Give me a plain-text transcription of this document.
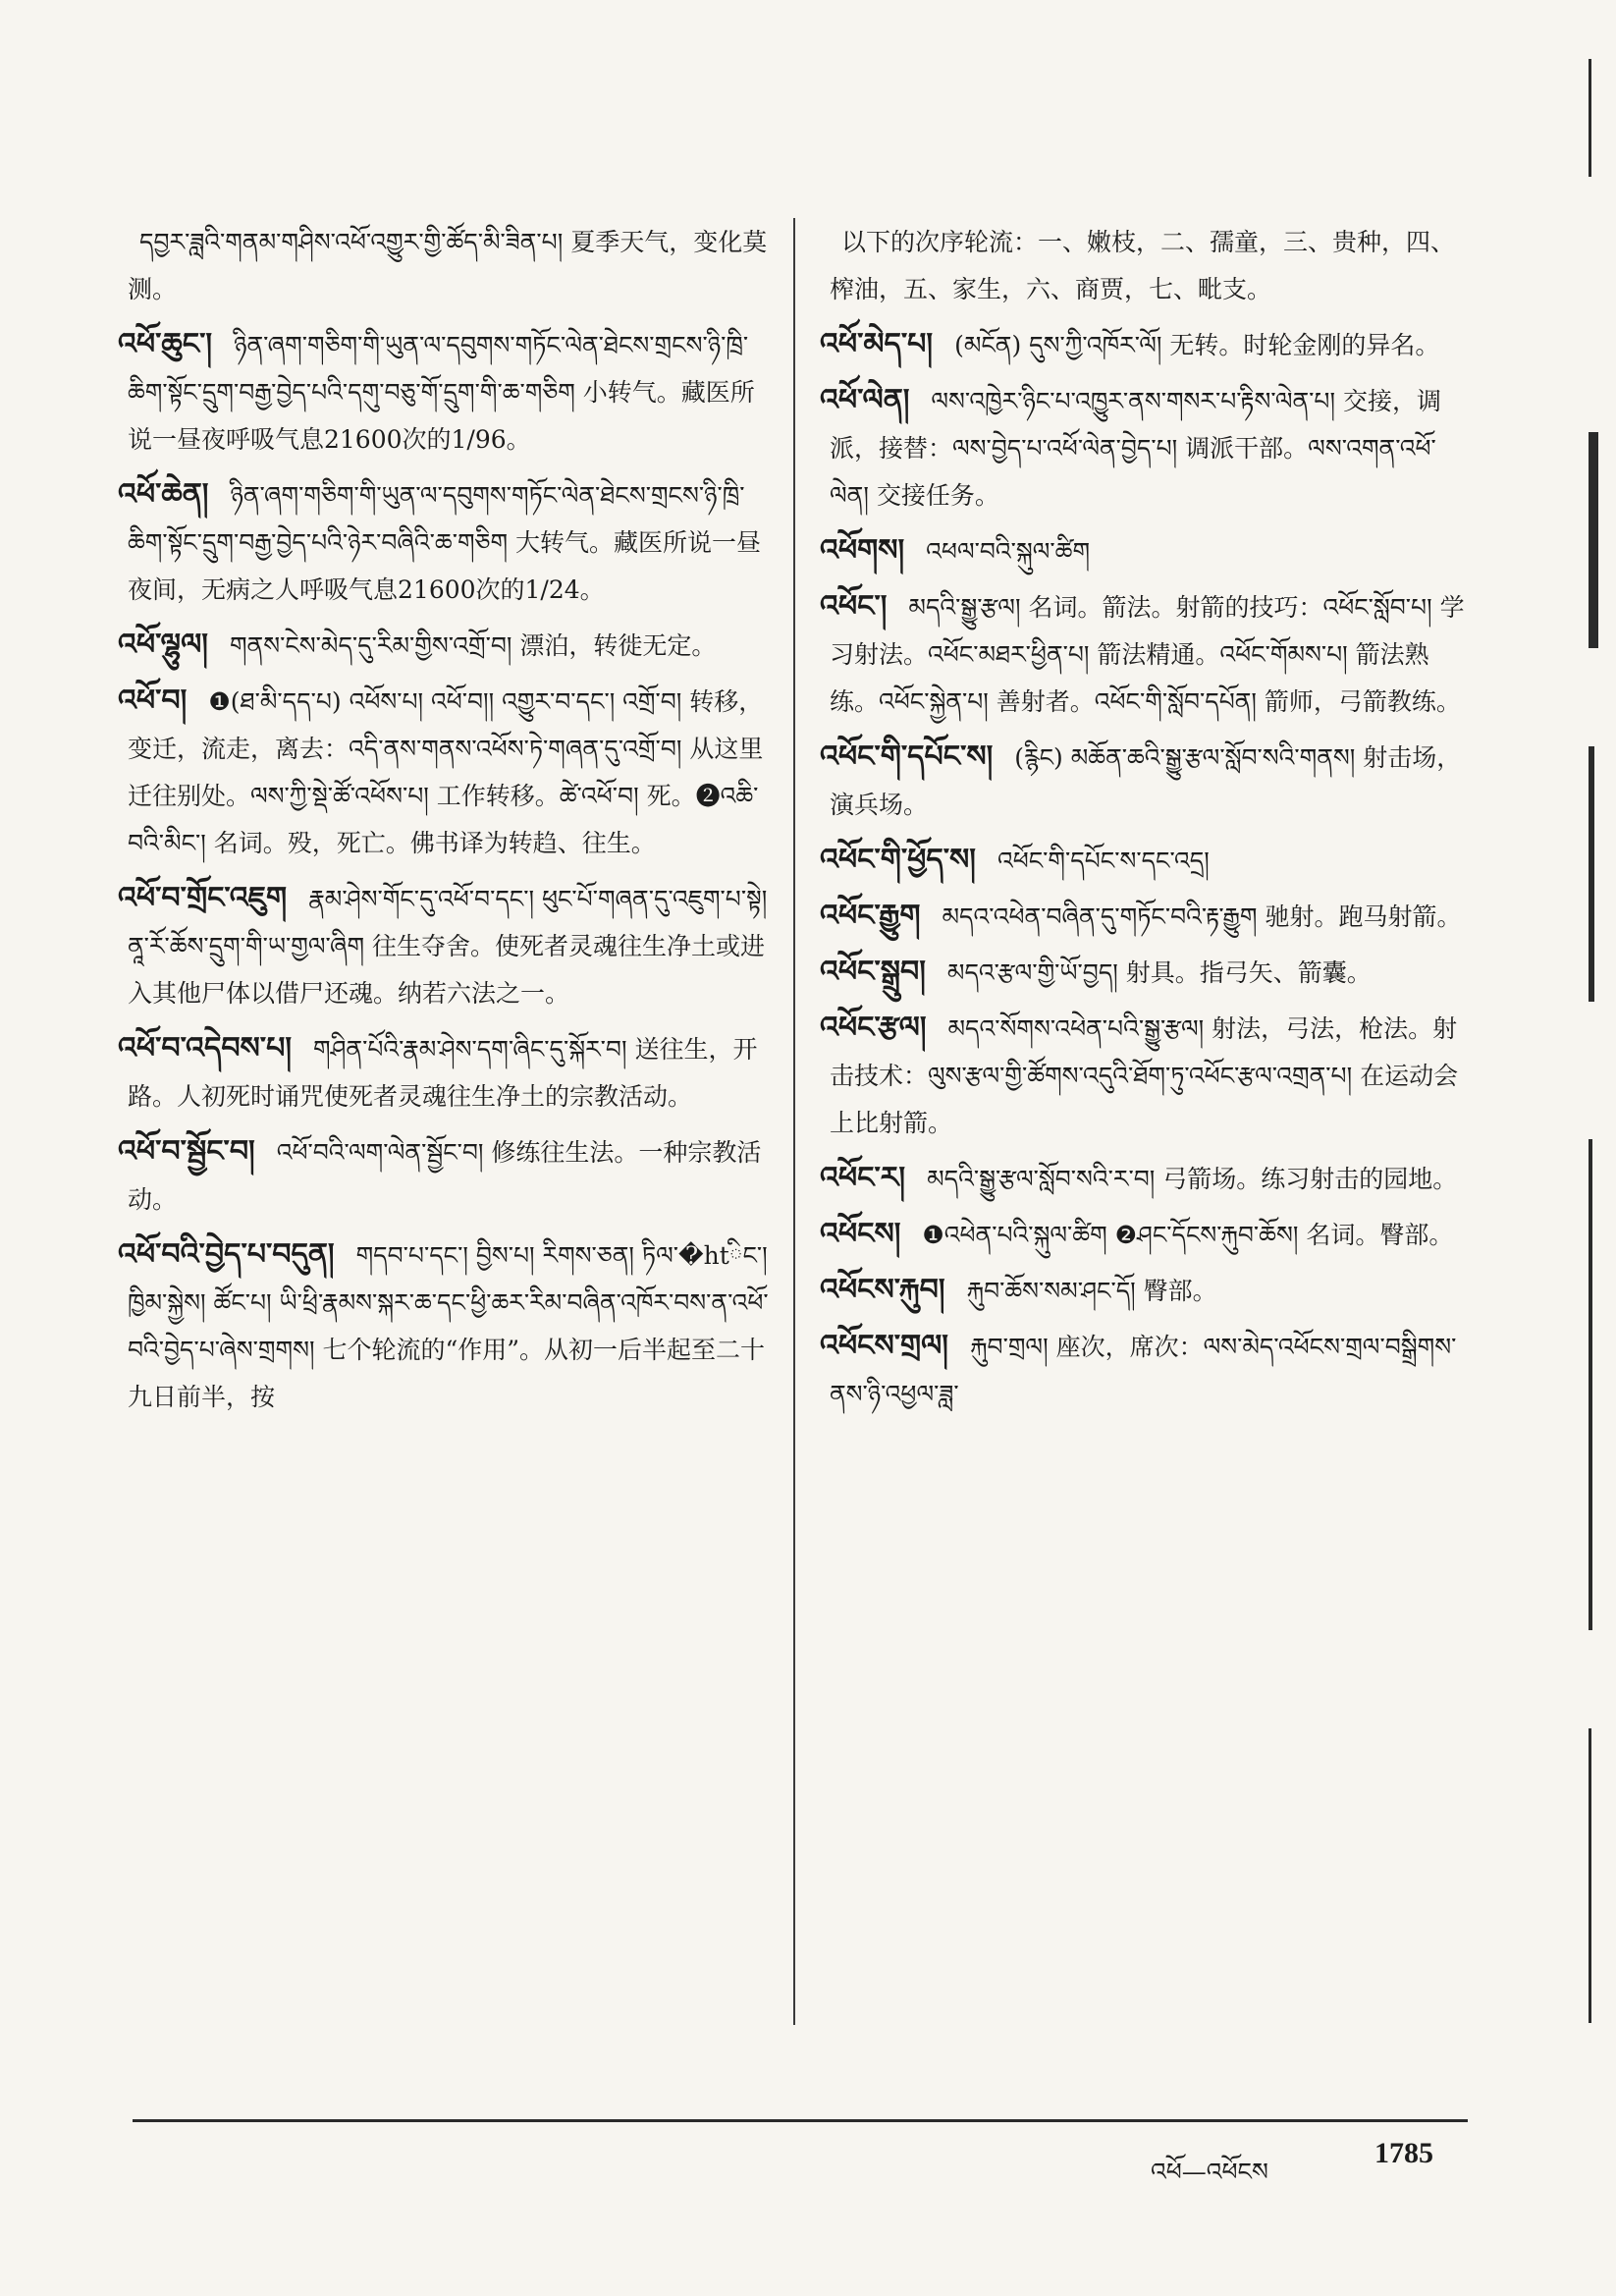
དབྱར་ཟླའི་གནམ་གཤིས་འཕོ་འགྱུར་གྱི་ཚོད་མི་ཟིན་པ། 夏季天气，变化莫测。
འཕོ་ཆུང་། ཉིན་ཞག་གཅིག་གི་ཡུན་ལ་དབུགས་གཏོང་ལེན་ཐེངས་གྲངས་ཉི་ཁྲི་ཆིག་སྟོང་དྲུག་བརྒྱ་བྱེད་པའི་དགུ་བཅུ་གོ་དྲུག་གི་ཆ་གཅིག 小转气。藏医所说一昼夜呼吸气息21600次的1/96。
འཕོ་ཆེན། ཉིན་ཞག་གཅིག་གི་ཡུན་ལ་དབུགས་གཏོང་ལེན་ཐེངས་གྲངས་ཉི་ཁྲི་ཆིག་སྟོང་དྲུག་བརྒྱ་བྱེད་པའི་ཉེར་བཞིའི་ཆ་གཅིག 大转气。藏医所说一昼夜间，无病之人呼吸气息21600次的1/24。
འཕོ་ལྷུལ། གནས་ངེས་མེད་དུ་རིམ་གྱིས་འགྲོ་བ། 漂泊，转徙无定。
འཕོ་བ། ❶(ཐ་མི་དད་པ) འཕོས་པ། འཕོ་བ།། འགྱུར་བ་དང་། འགྲོ་བ། 转移，变迁，流走，离去：འདི་ནས་གནས་འཕོས་ཏེ་གཞན་དུ་འགྲོ་བ། 从这里迁往别处。ལས་ཀྱི་སྡེ་ཚོ་འཕོས་པ། 工作转移。ཚེ་འཕོ་བ། 死。❷འཆི་བའི་མིང་། 名词。殁，死亡。佛书译为转趋、往生。
འཕོ་བ་གྲོང་འཇུག རྣམ་ཤེས་གོང་དུ་འཕོ་བ་དང་། ཕུང་པོ་གཞན་དུ་འཇུག་པ་སྟེ། ནཱ་རོ་ཆོས་དྲུག་གི་ཡ་གྱལ་ཞིག 往生夺舍。使死者灵魂往生净土或进入其他尸体以借尸还魂。纳若六法之一。
འཕོ་བ་འདེབས་པ། གཤིན་པོའི་རྣམ་ཤེས་དག་ཞིང་དུ་སྐོར་བ། 送往生，开路。人初死时诵咒使死者灵魂往生净土的宗教活动。
འཕོ་བ་སྦྱོང་བ། འཕོ་བའི་ལག་ལེན་སྦྱོང་བ། 修练往生法。一种宗教活动。
འཕོ་བའི་བྱེད་པ་བདུན། གདབ་པ་དང་། བྱིས་པ། རིགས་ཅན། ཏིལ་�htིང་། ཁྱིམ་སྐྱེས། ཚོང་པ། ཡི་ཕྲི་རྣམས་སྐར་ཆ་དང་ཕྱི་ཆར་རིམ་བཞིན་འཁོར་བས་ན་འཕོ་བའི་བྱེད་པ་ཞེས་གྲགས། 七个轮流的“作用”。从初一后半起至二十九日前半，按
以下的次序轮流：一、嫩枝，二、孺童，三、贵种，四、榨油，五、家生，六、商贾，七、毗支。
འཕོ་མེད་པ། (མངོན) དུས་ཀྱི་འཁོར་ལོ། 无转。时轮金刚的异名。
འཕོ་ལེན། ལས་འཁྱེར་ཉིང་པ་འཁྱུར་ནས་གསར་པ་རྟིས་ལེན་པ། 交接，调派，接替：ལས་བྱེད་པ་འཕོ་ལེན་བྱེད་པ། 调派干部。ལས་འགན་འཕོ་ལེན། 交接任务。
འཕོགས། འཕལ་བའི་སྐུལ་ཚིག
འཕོང་། མདའི་སྒྱུ་རྩལ། 名词。箭法。射箭的技巧：འཕོང་སློབ་པ། 学习射法。འཕོང་མཐར་ཕྱིན་པ། 箭法精通。འཕོང་གོམས་པ། 箭法熟练。འཕོང་སྐྱེན་པ། 善射者。འཕོང་གི་སློབ་དཔོན། 箭师，弓箭教练。
འཕོང་གི་དཔོང་ས། (རྙིང) མཆོན་ཆའི་སྒྱུ་རྩལ་སློབ་སའི་གནས། 射击场，演兵场。
འཕོང་གི་ཕྱོད་ས། འཕོང་གི་དཔོང་ས་དང་འདྲ།
འཕོང་རྒྱུག མདའ་འཕེན་བཞིན་དུ་གཏོང་བའི་རྟ་རྒྱུག 驰射。跑马射箭。
འཕོང་སྒྲུབ། མདའ་རྩལ་གྱི་ཡོ་བྱད། 射具。指弓矢、箭囊。
འཕོང་རྩལ། མདའ་སོགས་འཕེན་པའི་སྒྱུ་རྩལ། 射法，弓法，枪法。射击技术：ལུས་རྩལ་གྱི་ཚོགས་འདུའི་ཐོག་ཏུ་འཕོང་རྩལ་འགྲན་པ། 在运动会上比射箭。
འཕོང་ར། མདའི་སྒྱུ་རྩལ་སློབ་སའི་ར་བ། 弓箭场。练习射击的园地。
འཕོངས། ❶འཕེན་པའི་སྐུལ་ཚིག ❷ཤང་དོངས་རྐུབ་ཆོས། 名词。臀部。
འཕོངས་རྐུབ། རྐུབ་ཆོས་སམ་ཤང་དོ། 臀部。
འཕོངས་གྲལ། རྐུབ་གྲལ། 座次，席次：ལས་མེད་འཕོངས་གྲལ་བསྒྲིགས་ནས་ཉི་འཕྱལ་ཟླ་
འཕོ—འཕོངས
1785
